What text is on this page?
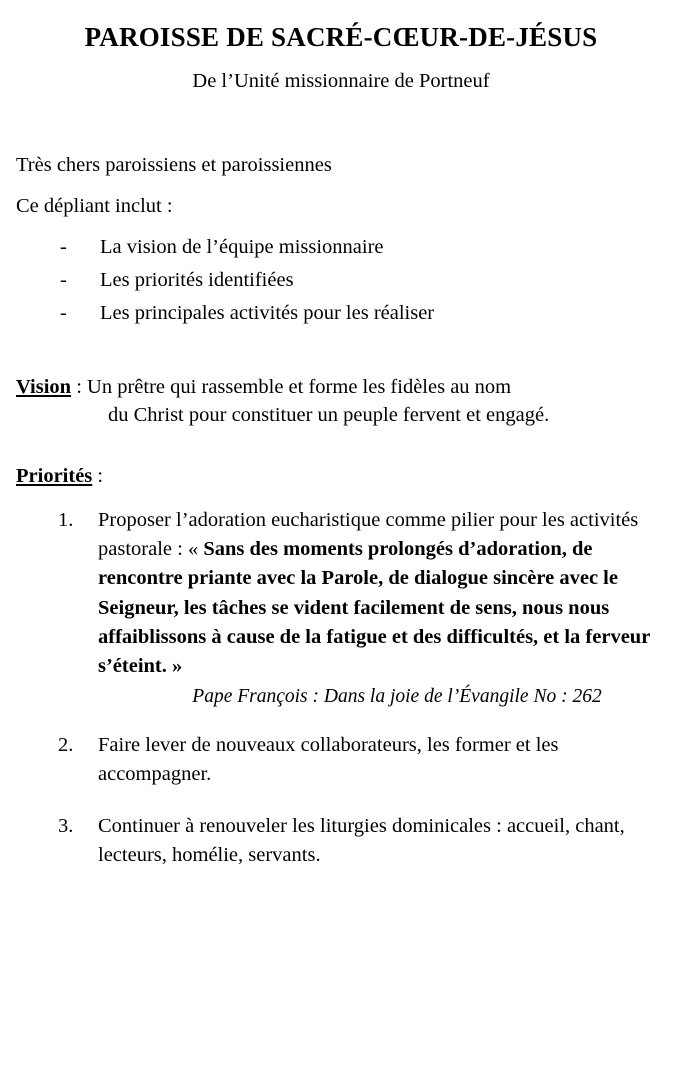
PAROISSE DE SACRÉ-CŒUR-DE-JÉSUS
De l’Unité missionnaire de Portneuf

Très chers paroissiens et paroissiennes

Ce dépliant inclut :

- La vision de l’équipe missionnaire
- Les priorités identifiées
- Les principales activités pour les réaliser
Vision : Un prêtre qui rassemble et forme les fidèles au nom
du Christ pour constituer un peuple fervent et engagé.
Priorités :
Proposer l’adoration eucharistique comme pilier pour les activités pastorale : « Sans des moments prolongés d’adoration, de rencontre priante avec la Parole, de dialogue sincère avec le Seigneur, les tâches se vident facilement de sens, nous nous affaiblissons à cause de la fatigue et des difficultés, et la ferveur s’éteint. »
Pape François : Dans la joie de l’Évangile No : 262
Faire lever de nouveaux collaborateurs, les former et les accompagner.
Continuer à renouveler les liturgies dominicales : accueil, chant, lecteurs, homélie, servants.
